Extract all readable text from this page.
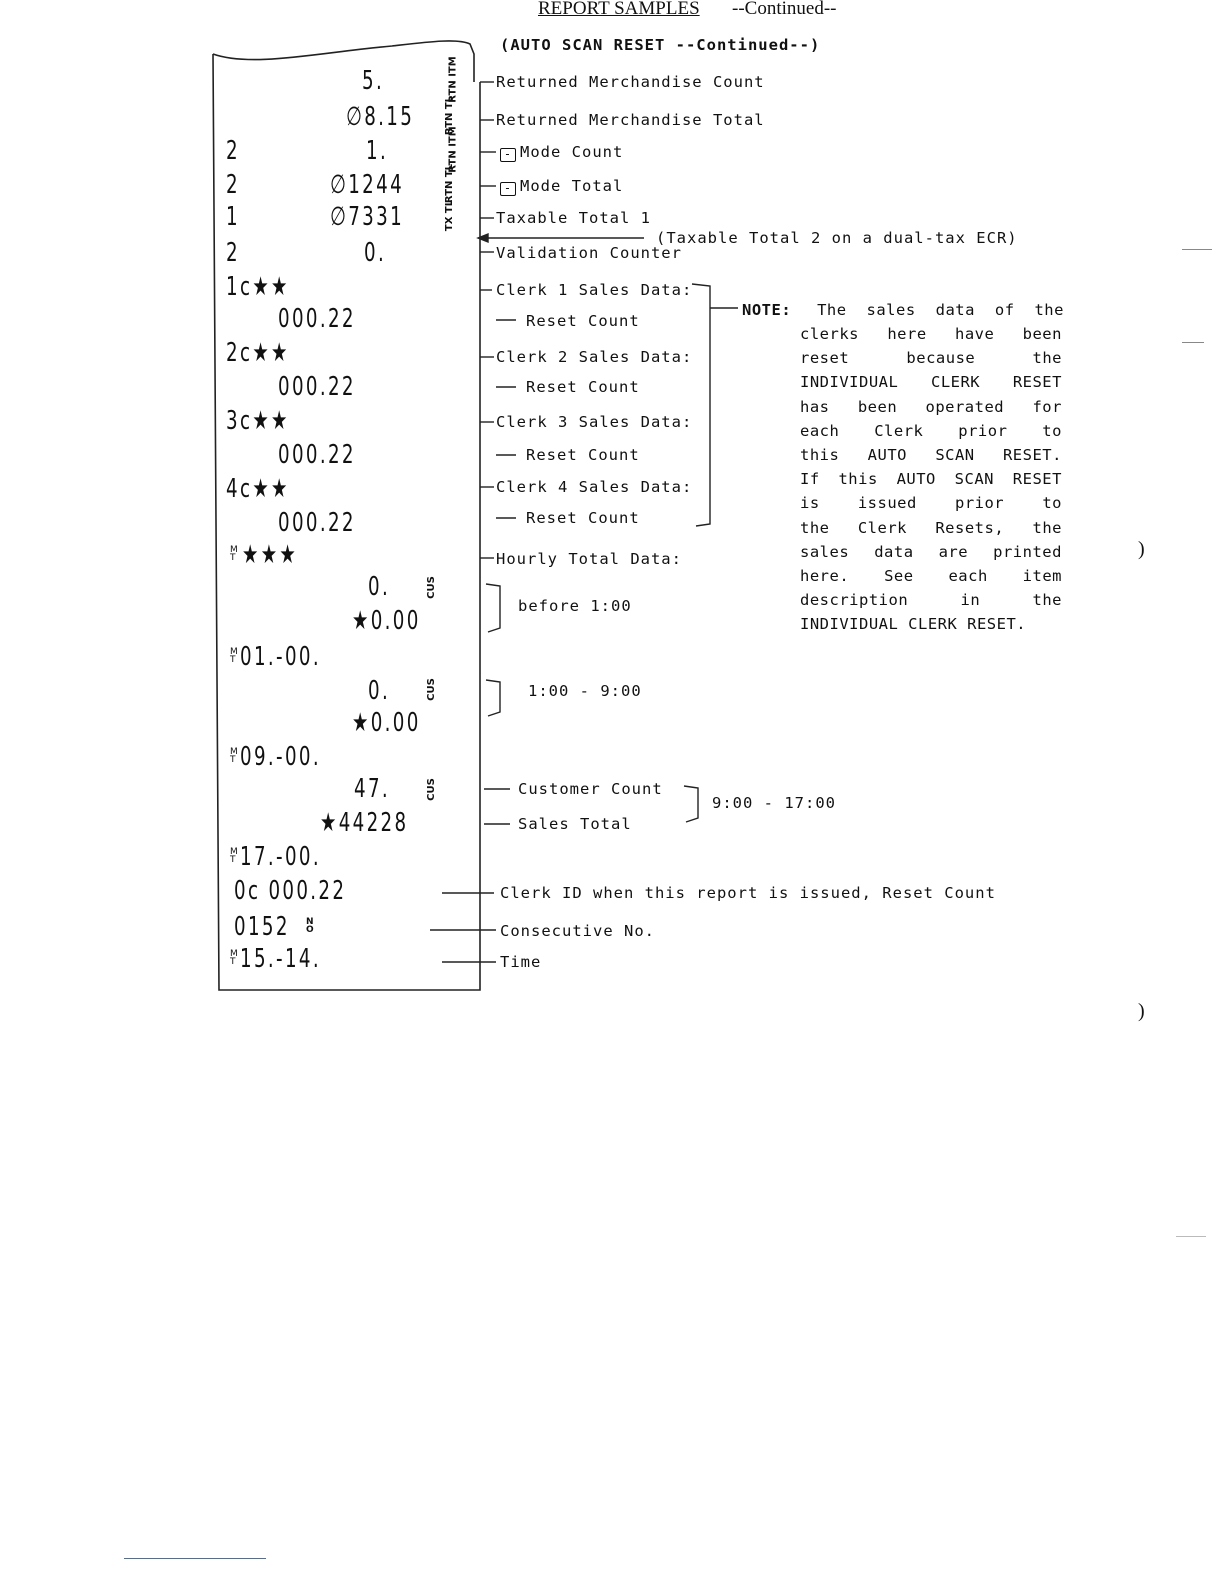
REPORT SAMPLES --Continued--
(AUTO SCAN RESET --Continued--)
5.
∅8.15
2	1.
2	∅1244
1	∅7331
2	0.
RTN ITM
RTN TL
RTN ITM
RTN TL
TX TL
1ᴄ★★
000.22
2ᴄ★★
000.22
3ᴄ★★
000.22
4ᴄ★★
000.22
★★★
M
T
0.	CUS
★0.00
01.-00.
M
T
0.	CUS
★0.00
09.-00.
M
T
47.	CUS
★44228
17.-00.
M
T
0ᴄ 000.22
0152 N
O
15.-14.
M
T
Returned Merchandise Count
Returned Merchandise Total
- Mode Count
- Mode Total
Taxable Total 1
(Taxable Total 2 on a dual-tax ECR)
Validation Counter
Clerk 1 Sales Data:
Reset Count
Clerk 2 Sales Data:
Reset Count
Clerk 3 Sales Data:
Reset Count
Clerk 4 Sales Data:
Reset Count
Hourly Total Data:
before 1:00
1:00 - 9:00
Customer Count
Sales Total
9:00 - 17:00
Clerk ID when this report is issued, Reset Count
Consecutive No.
Time
NOTE: The sales data of the
clerks here have been
reset	because	the
INDIVIDUAL CLERK RESET
has been operated for
each Clerk prior to
this AUTO SCAN RESET.
If this AUTO SCAN RESET
is issued prior to
the Clerk Resets, the
sales data are printed
here. See each item
description	in	the
INDIVIDUAL CLERK RESET.
)
)
